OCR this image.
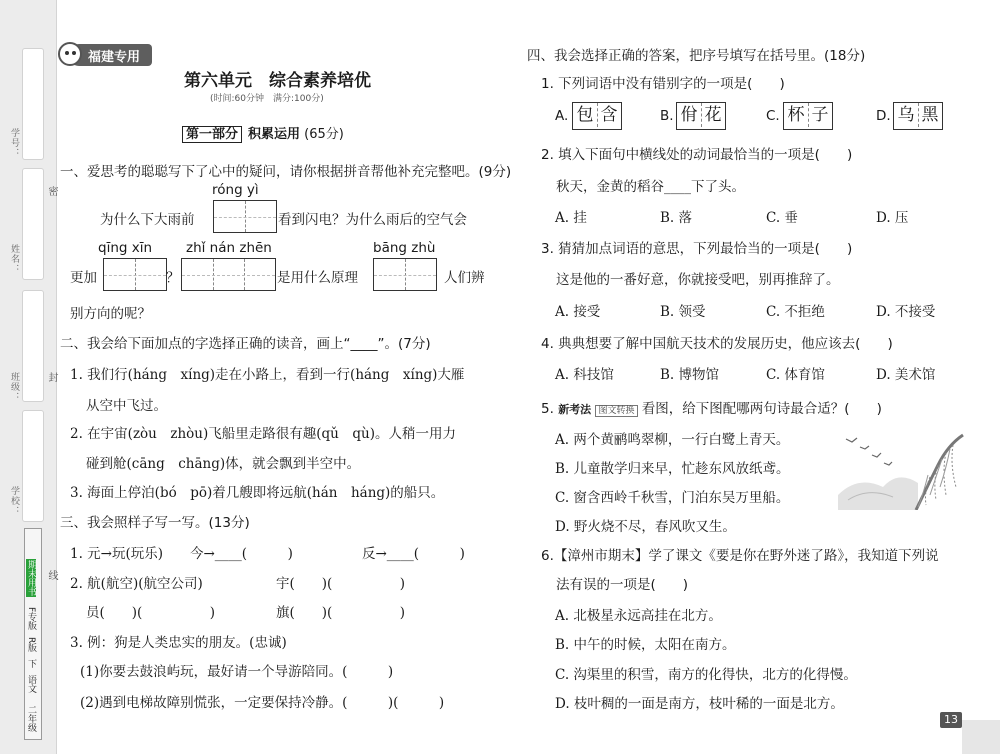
学号：
姓名：
班级：
学校：
密
封
线
二年级
语文
下
R版
F专版
期末用书
福建专用
第六单元　综合素养培优
(时间:60分钟　满分:100分)
第一部分 积累运用 (65分)
一、爱思考的聪聪写下了心中的疑问，请你根据拼音帮他补充完整吧。(9分)
róng yì
为什么下大雨前	看到闪电？为什么雨后的空气会
qīng xīn	zhǐ nán zhēn	bāng zhù
更加	？	是用什么原理	人们辨
别方向的呢？
二、我会给下面加点的字选择正确的读音，画上“____”。(7分)
1. 我们行(háng　xíng)走在小路上，看到一行(háng　xíng)大雁
从空中飞过。
2. 在宇宙(zòu　zhòu)飞船里走路很有趣(qǔ　qù)。人稍一用力
碰到舱(cāng　chāng)体，就会飘到半空中。
3. 海面上停泊(bó　pō)着几艘即将远航(hán　háng)的船只。
三、我会照样子写一写。(13分)
1. 元→玩(玩乐) 今→____(　　　)	反→____(　　　)
2. 航(航空)(航空公司)	宇(　　)(　　　　　)
员(　　)(　　　　　)	旗(　　)(　　　　　)
3. 例：狗是人类忠实的朋友。(忠诚)
(1)你要去鼓浪屿玩，最好请一个导游陪同。(　　　)
(2)遇到电梯故障别慌张，一定要保持冷静。(　　　)(　　　)
四、我会选择正确的答案，把序号填写在括号里。(18分)
1. 下列词语中没有错别字的一项是(　　)
A. 包 含	B. 佾 花	C. 杯 子	D. 乌 黑
2. 填入下面句中横线处的动词最恰当的一项是(　　)
秋天，金黄的稻谷____下了头。
A. 挂	B. 落	C. 垂	D. 压
3. 猜猜加点词语的意思，下列最恰当的一项是(　　)
这是他的一番好意，你就接受吧，别再推辞了。
A. 接受	B. 领受	C. 不拒绝	D. 不接受
4. 典典想要了解中国航天技术的发展历史，他应该去(　　)
A. 科技馆	B. 博物馆	C. 体育馆	D. 美术馆
5. 新考法 图文转换 看图，给下图配哪两句诗最合适？(　　)
A. 两个黄鹂鸣翠柳，一行白鹭上青天。
B. 儿童散学归来早，忙趁东风放纸鸢。
C. 窗含西岭千秋雪，门泊东吴万里船。
D. 野火烧不尽，春风吹又生。
6.【漳州市期末】学了课文《要是你在野外迷了路》，我知道下列说
法有误的一项是(　　)
A. 北极星永远高挂在北方。
B. 中午的时候，太阳在南方。
C. 沟渠里的积雪，南方的化得快，北方的化得慢。
D. 枝叶稠的一面是南方，枝叶稀的一面是北方。
13
